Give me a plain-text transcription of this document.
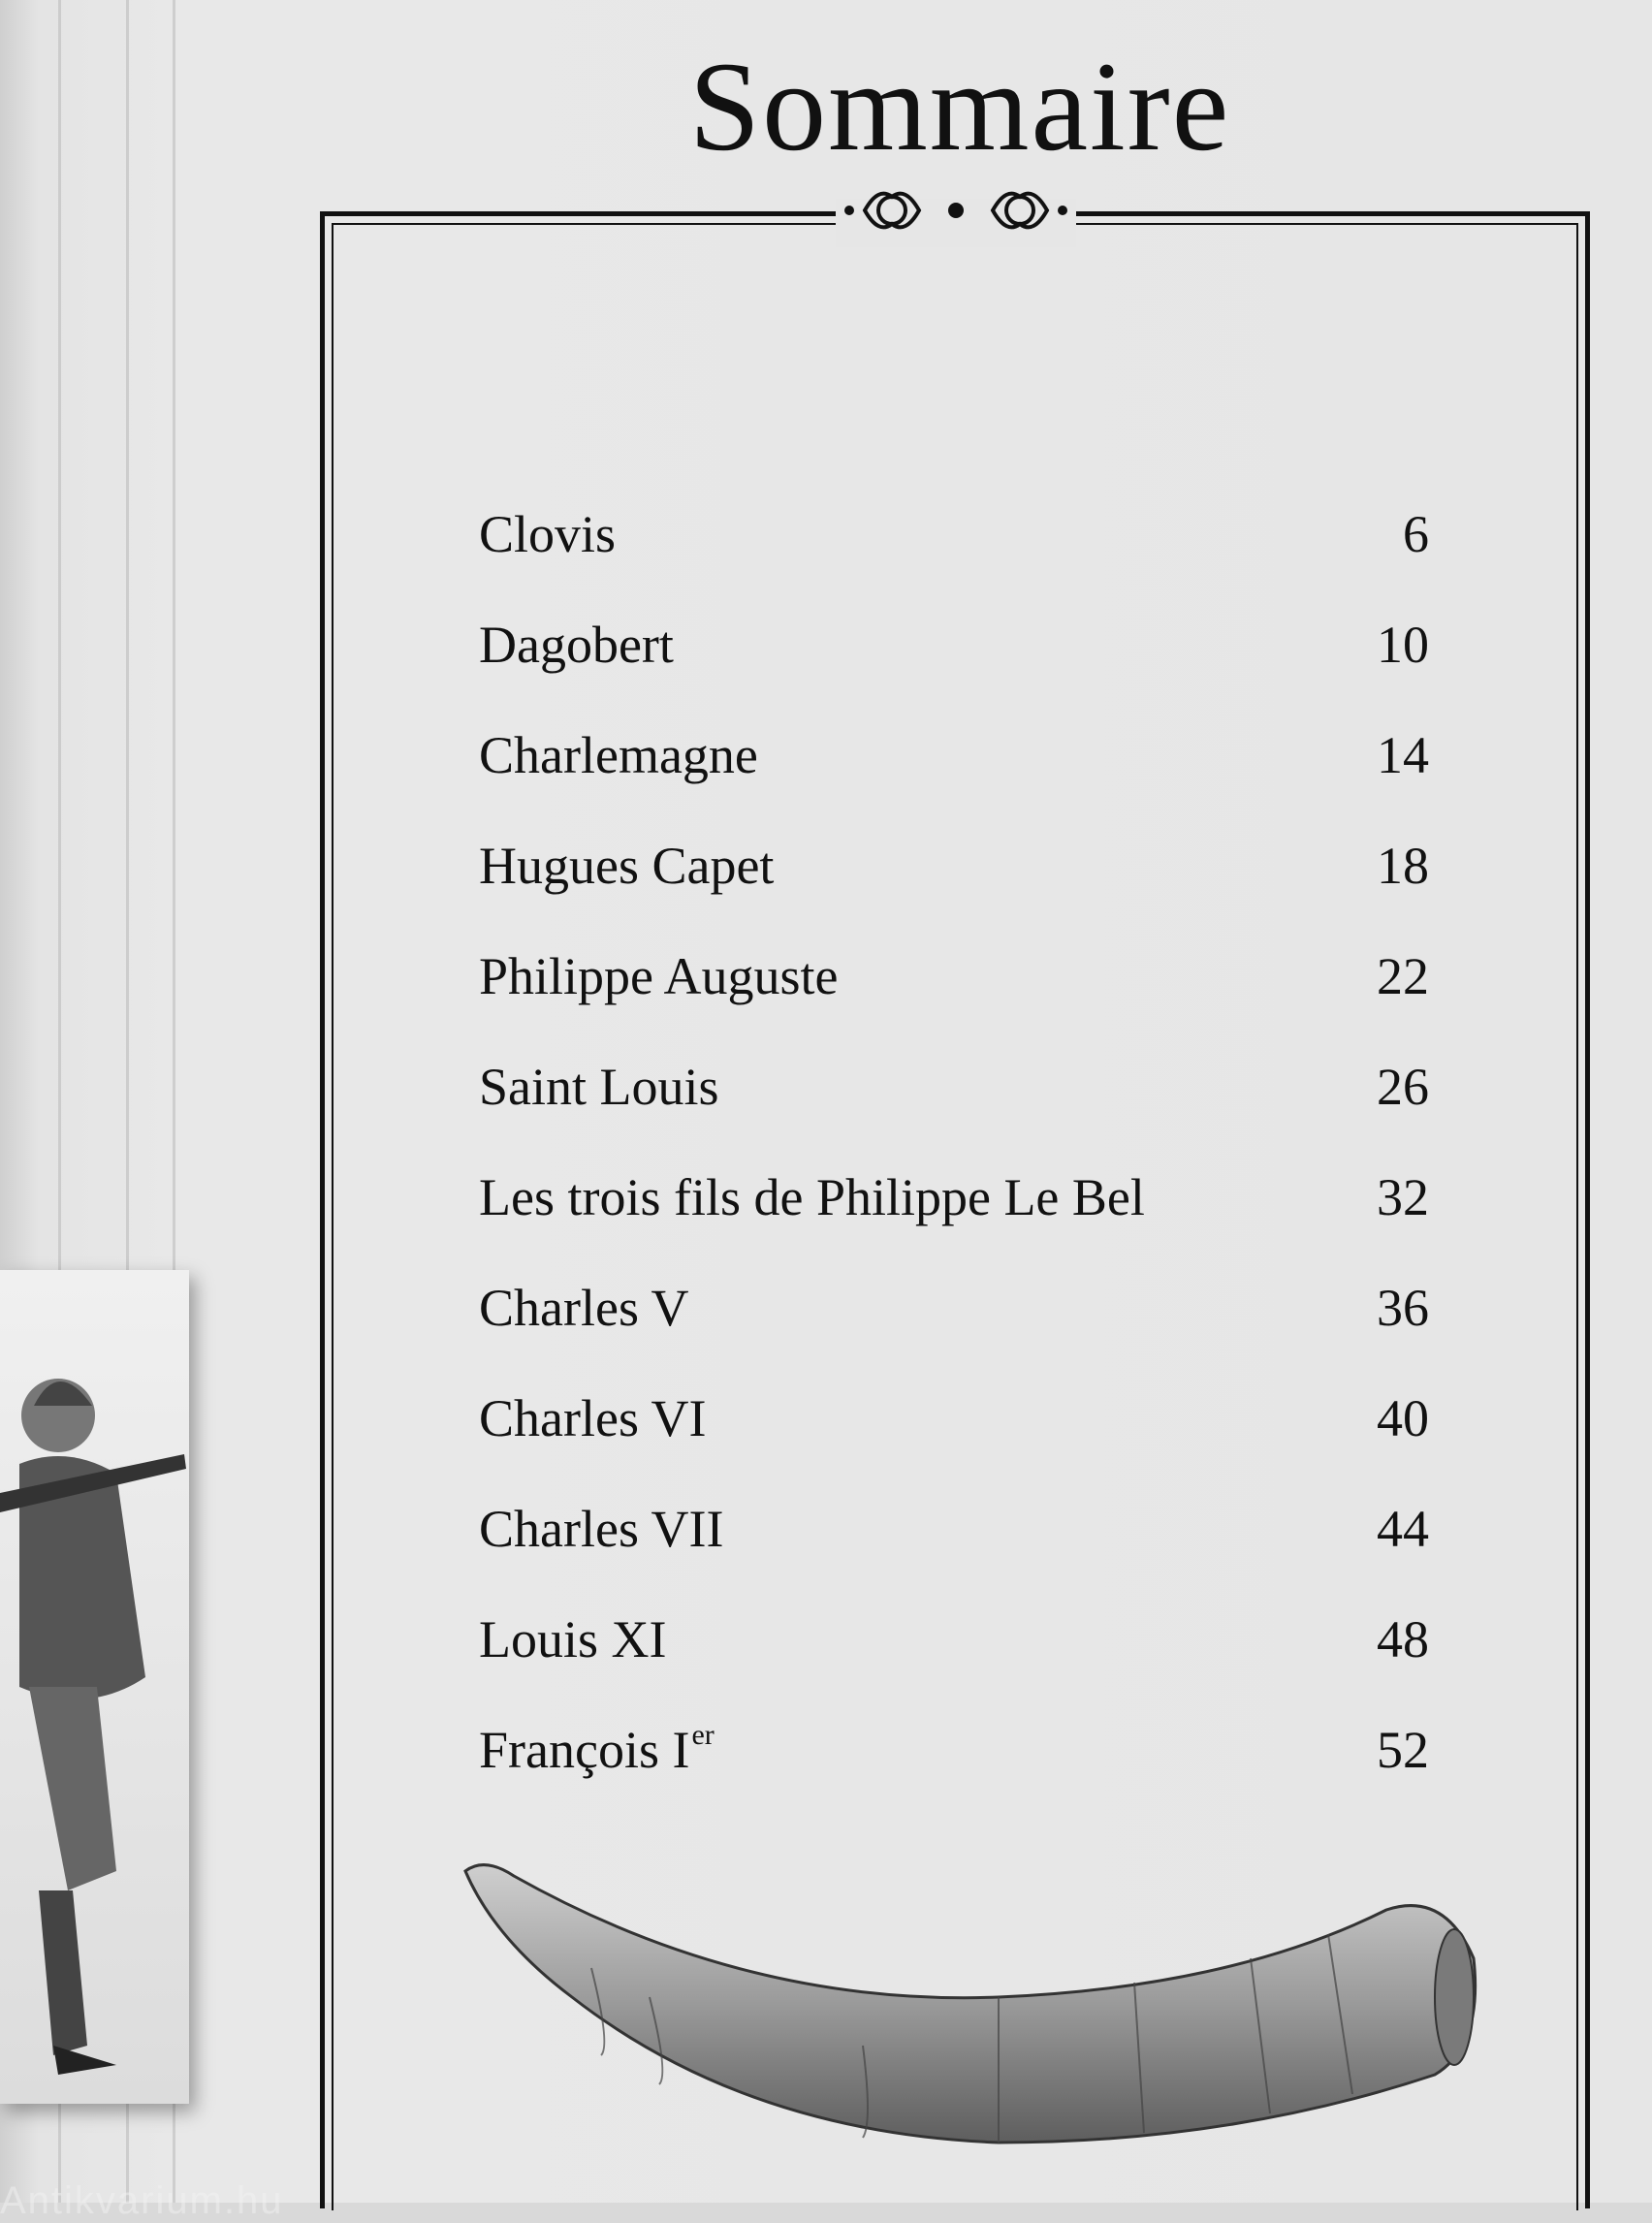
Sommaire
Clovis	6
Dagobert	10
Charlemagne	14
Hugues Capet	18
Philippe Auguste	22
Saint Louis	26
Les trois fils de Philippe Le Bel	32
Charles V	36
Charles VI	40
Charles VII	44
Louis XI	48
François Ier	52
Antikvarium.hu
